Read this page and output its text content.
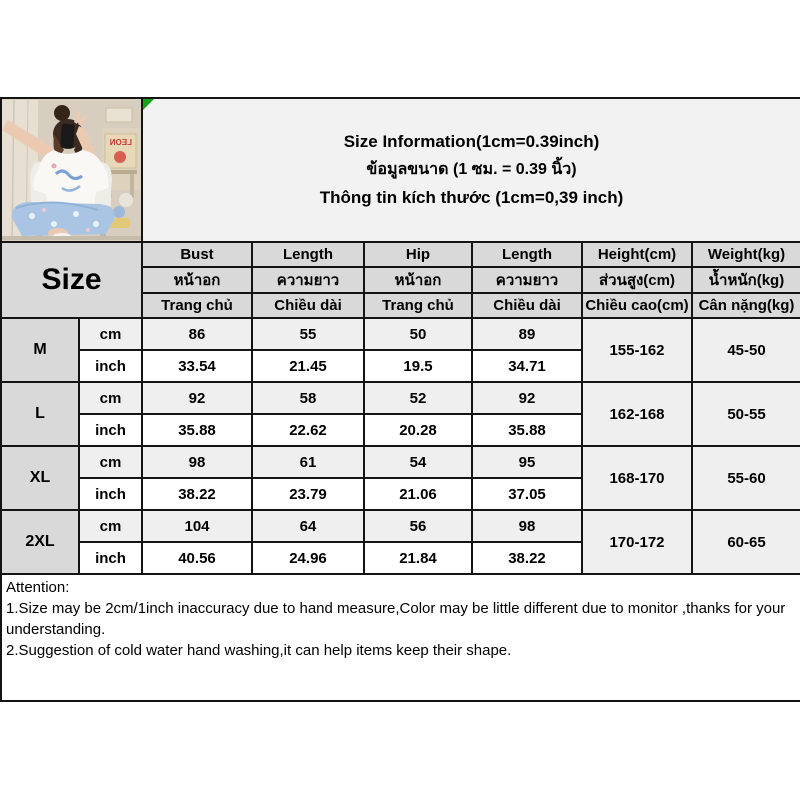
LEON		Size Information(1cm=0.39inch)
ข้อมูลขนาด (1 ซม. = 0.39 นิ้ว)
Thông tin kích thước (1cm=0,39 inch)					

Size		Bust	Length	Hip	Length	Height(cm)	Weight(kg)
		หน้าอก	ความยาว	หน้าอก	ความยาว	ส่วนสูง(cm)	น้ำหนัก(kg)
		Trang chủ	Chiều dài	Trang chủ	Chiều dài	Chiều cao(cm)	Cân nặng(kg)
M	cm	86	55	50	89	155-162	45-50
	inch	33.54	21.45	19.5	34.71		
L	cm	92	58	52	92	162-168	50-55
	inch	35.88	22.62	20.28	35.88		
XL	cm	98	61	54	95	168-170	55-60
	inch	38.22	23.79	21.06	37.05		
2XL	cm	104	64	56	98	170-172	60-65
	inch	40.56	24.96	21.84	38.22		

Attention:
1.Size may be 2cm/1inch inaccuracy due to hand measure,Color may be little different due to monitor ,thanks for your understanding.
2.Suggestion of cold water hand washing,it can help items keep their shape.							
